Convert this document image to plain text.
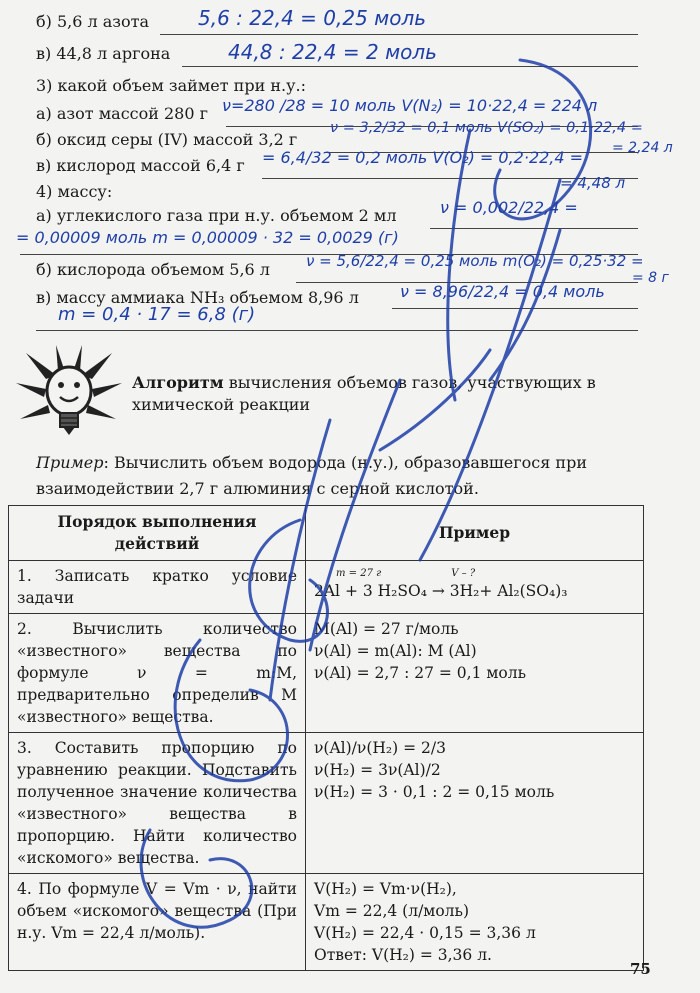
б) 5,6 л азота
в) 44,8 л аргона
3) какой объем займет при н.у.:
а) азот массой 280 г
б) оксид серы (IV) массой 3,2 г
в) кислород массой 6,4 г
4) массу:
а) углекислого газа при н.у. объемом 2 мл
б) кислорода объемом 5,6 л
в) массу аммиака NH₃ объемом 8,96 л
5,6 : 22,4 = 0,25 моль
44,8 : 22,4 = 2 моль
ν=280 /28 = 10 моль V(N₂) = 10·22,4 = 224 л
ν = 3,2/32 = 0,1 моль V(SO₂) = 0,1·22,4 =
= 2,24 л
= 6,4/32 = 0,2 моль V(O₂) = 0,2·22,4 =
= 4,48 л
ν = 0,002/22,4 =
= 0,00009 моль m = 0,00009 · 32 = 0,0029 (г)
ν = 5,6/22,4 = 0,25 моль m(O₂) = 0,25·32 =
= 8 г
ν = 8,96/22,4 = 0,4 моль
m = 0,4 · 17 = 6,8 (г)
Алгоритм вычисления объемов газов, участвующих в химической реакции
Пример: Вычислить объем водорода (н.у.), образовавшегося при взаимодействии 2,7 г алюминия с серной кислотой.
Порядок выполнения действий	Пример
1. Записать кратко условие задачи	m = 27 г V – ?
2Al + 3 H₂SO₄ → 3H₂+ Al₂(SO₄)₃

2. Вычислить количество «известного» вещества по формуле ν = m:M, предварительно определив M «известного» вещества.	M(Al) = 27 г/моль
ν(Al) = m(Al): M (Al)
ν(Al) = 2,7 : 27 = 0,1 моль

3. Составить пропорцию по уравнению реакции. Подставить полученное значение количества «известного» вещества в пропорцию. Найти количество «искомого» вещества.	ν(Al)/ν(H₂) = 2/3
ν(H₂) = 3ν(Al)/2
ν(H₂) = 3 · 0,1 : 2 = 0,15 моль

4. По формуле V = Vm · ν, найти объем «искомого» вещества (При н.у. Vm = 22,4 л/моль).	V(H₂) = Vm·ν(H₂),
Vm = 22,4 (л/моль)
V(H₂) = 22,4 · 0,15 = 3,36 л
Ответ: V(H₂) = 3,36 л.
75
